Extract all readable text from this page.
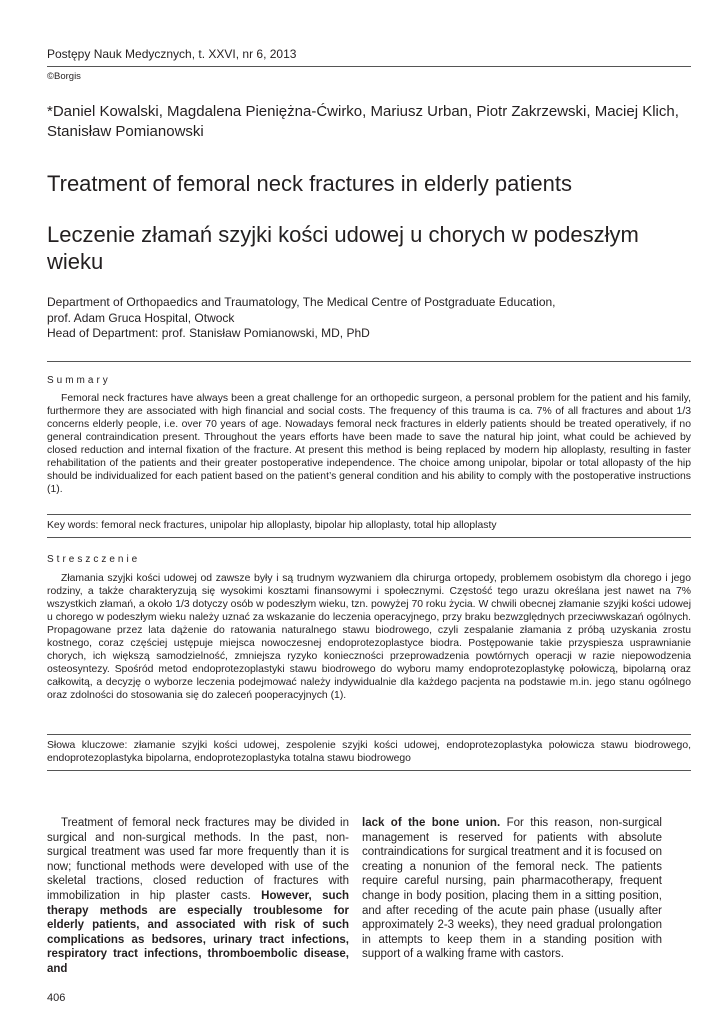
Postępy Nauk Medycznych, t. XXVI, nr 6, 2013
©Borgis
*Daniel Kowalski, Magdalena Pieniężna-Ćwirko, Mariusz Urban, Piotr Zakrzewski, Maciej Klich, Stanisław Pomianowski
Treatment of femoral neck fractures in elderly patients
Leczenie złamań szyjki kości udowej u chorych w podeszłym wieku
Department of Orthopaedics and Traumatology, The Medical Centre of Postgraduate Education,
prof. Adam Gruca Hospital, Otwock
Head of Department: prof. Stanisław Pomianowski, MD, PhD
Summary

Femoral neck fractures have always been a great challenge for an orthopedic surgeon, a personal problem for the patient and his family, furthermore they are associated with high financial and social costs. The frequency of this trauma is ca. 7% of all fractures and about 1/3 concerns elderly people, i.e. over 70 years of age. Nowadays femoral neck fractures in elderly patients should be treated operatively, if no general contraindication present. Throughout the years efforts have been made to save the natural hip joint, what could be achieved by closed reduction and internal fixation of the fracture. At present this method is being replaced by modern hip alloplasty, resulting in faster rehabilitation of the patients and their greater postoperative independence. The choice among unipolar, bipolar or total allopasty of the hip should be individualized for each patient based on the patient’s general condition and his ability to comply with the postoperative instructions (1).

Key words: femoral neck fractures, unipolar hip alloplasty, bipolar hip alloplasty, total hip alloplasty
Streszczenie

Złamania szyjki kości udowej od zawsze były i są trudnym wyzwaniem dla chirurga ortopedy, problemem osobistym dla chorego i jego rodziny, a także charakteryzują się wysokimi kosztami finansowymi i społecznymi. Częstość tego urazu określana jest nawet na 7% wszystkich złamań, a około 1/3 dotyczy osób w podeszłym wieku, tzn. powyżej 70 roku życia. W chwili obecnej złamanie szyjki kości udowej u chorego w podeszłym wieku należy uznać za wskazanie do leczenia operacyjnego, przy braku bezwzględnych przeciwwskazań ogólnych. Propagowane przez lata dążenie do ratowania naturalnego stawu biodrowego, czyli zespalanie złamania z próbą uzyskania zrostu kostnego, coraz częściej ustępuje miejsca nowoczesnej endoprotezoplastyce biodra. Postępowanie takie przyspiesza usprawnianie chorych, ich większą samodzielność, zmniejsza ryzyko konieczności przeprowadzenia powtórnych operacji w razie niepowodzenia osteosyntezy. Spośród metod endoprotezoplastyki stawu biodrowego do wyboru mamy endoprotezoplastykę połowiczą, bipolarną oraz całkowitą, a decyzję o wyborze leczenia podejmować należy indywidualnie dla każdego pacjenta na podstawie m.in. jego stanu ogólnego oraz zdolności do stosowania się do zaleceń pooperacyjnych (1).

Słowa kluczowe: złamanie szyjki kości udowej, zespolenie szyjki kości udowej, endoprotezoplastyka połowicza stawu biodrowego, endoprotezoplastyka bipolarna, endoprotezoplastyka totalna stawu biodrowego

Treatment of femoral neck fractures may be divided in surgical and non-surgical methods. In the past, non-surgical treatment was used far more frequently than it is now; functional methods were developed with use of the skeletal tractions, closed reduction of fractures with immobilization in hip plaster casts. However, such therapy methods are especially troublesome for elderly patients, and associated with risk of such complications as bedsores, urinary tract infections, respiratory tract infections, thromboembolic disease, and

lack of the bone union. For this reason, non-surgical management is reserved for patients with absolute contraindications for surgical treatment and it is focused on creating a nonunion of the femoral neck. The patients require careful nursing, pain pharmacotherapy, frequent change in body position, placing them in a sitting position, and after receding of the acute pain phase (usually after approximately 2-3 weeks), they need gradual prolongation in attempts to keep them in a standing position with support of a walking frame with castors.

406
